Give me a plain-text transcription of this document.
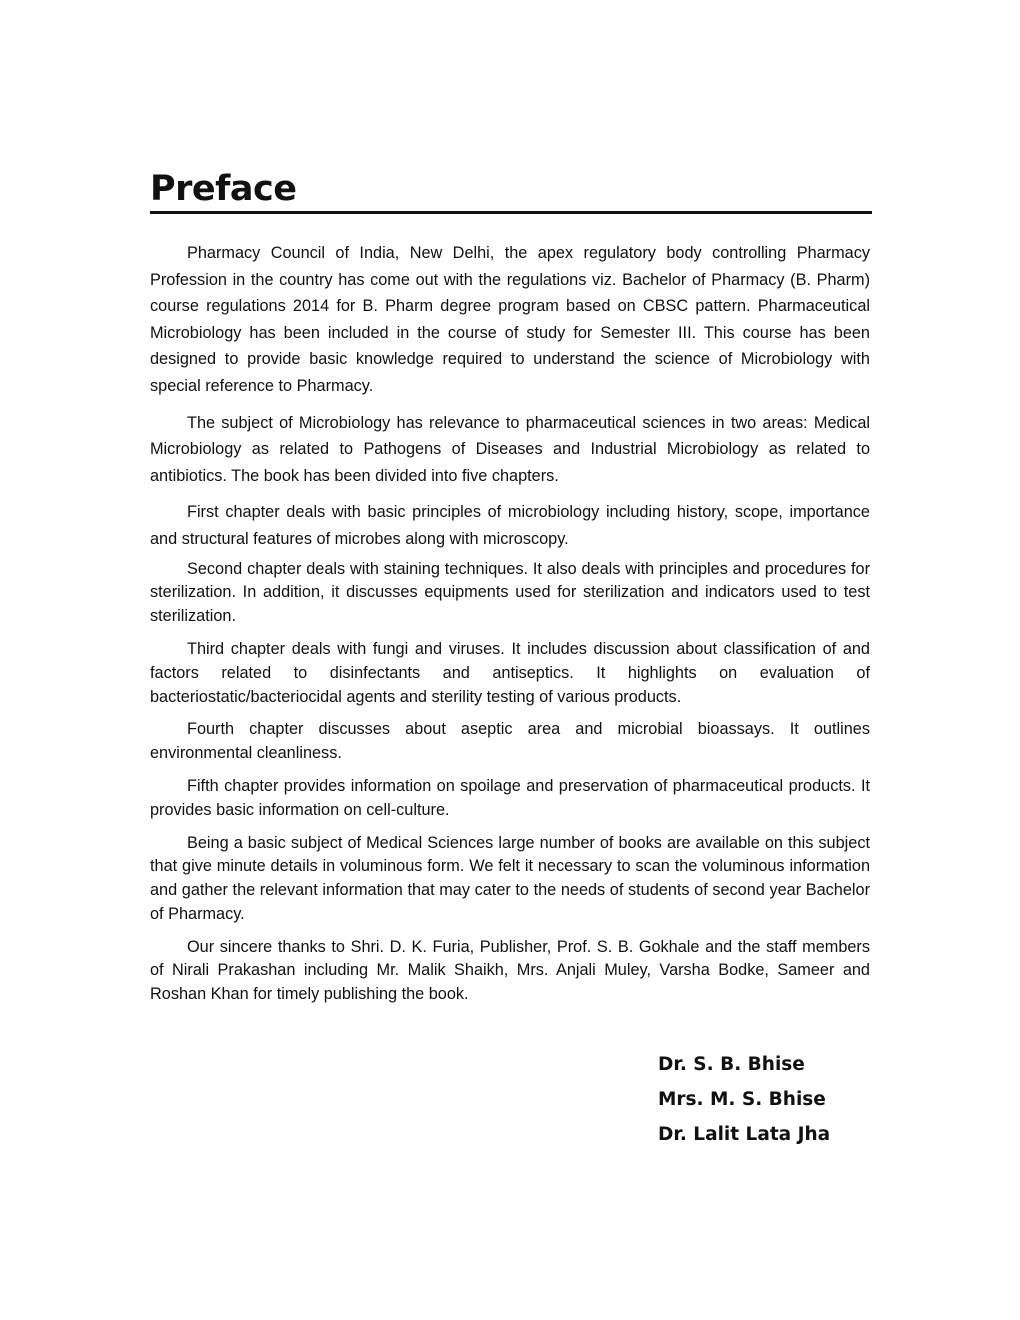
Preface

Pharmacy Council of India, New Delhi, the apex regulatory body controlling Pharmacy Profession in the country has come out with the regulations viz. Bachelor of Pharmacy (B. Pharm) course regulations 2014 for B. Pharm degree program based on CBSC pattern. Pharmaceutical Microbiology has been included in the course of study for Semester III. This course has been designed to provide basic knowledge required to understand the science of Microbiology with special reference to Pharmacy.

The subject of Microbiology has relevance to pharmaceutical sciences in two areas: Medical Microbiology as related to Pathogens of Diseases and Industrial Microbiology as related to antibiotics. The book has been divided into five chapters.

First chapter deals with basic principles of microbiology including history, scope, importance and structural features of microbes along with microscopy.

Second chapter deals with staining techniques. It also deals with principles and procedures for sterilization. In addition, it discusses equipments used for sterilization and indicators used to test sterilization.

Third chapter deals with fungi and viruses. It includes discussion about classification of and factors related to disinfectants and antiseptics. It highlights on evaluation of bacteriostatic/bacteriocidal agents and sterility testing of various products.

Fourth chapter discusses about aseptic area and microbial bioassays. It outlines environmental cleanliness.

Fifth chapter provides information on spoilage and preservation of pharmaceutical products. It provides basic information on cell-culture.

Being a basic subject of Medical Sciences large number of books are available on this subject that give minute details in voluminous form. We felt it necessary to scan the voluminous information and gather the relevant information that may cater to the needs of students of second year Bachelor of Pharmacy.

Our sincere thanks to Shri. D. K. Furia, Publisher, Prof. S. B. Gokhale and the staff members of Nirali Prakashan including Mr. Malik Shaikh, Mrs. Anjali Muley, Varsha Bodke, Sameer and Roshan Khan for timely publishing the book.

Dr. S. B. Bhise
Mrs. M. S. Bhise
Dr. Lalit Lata Jha
